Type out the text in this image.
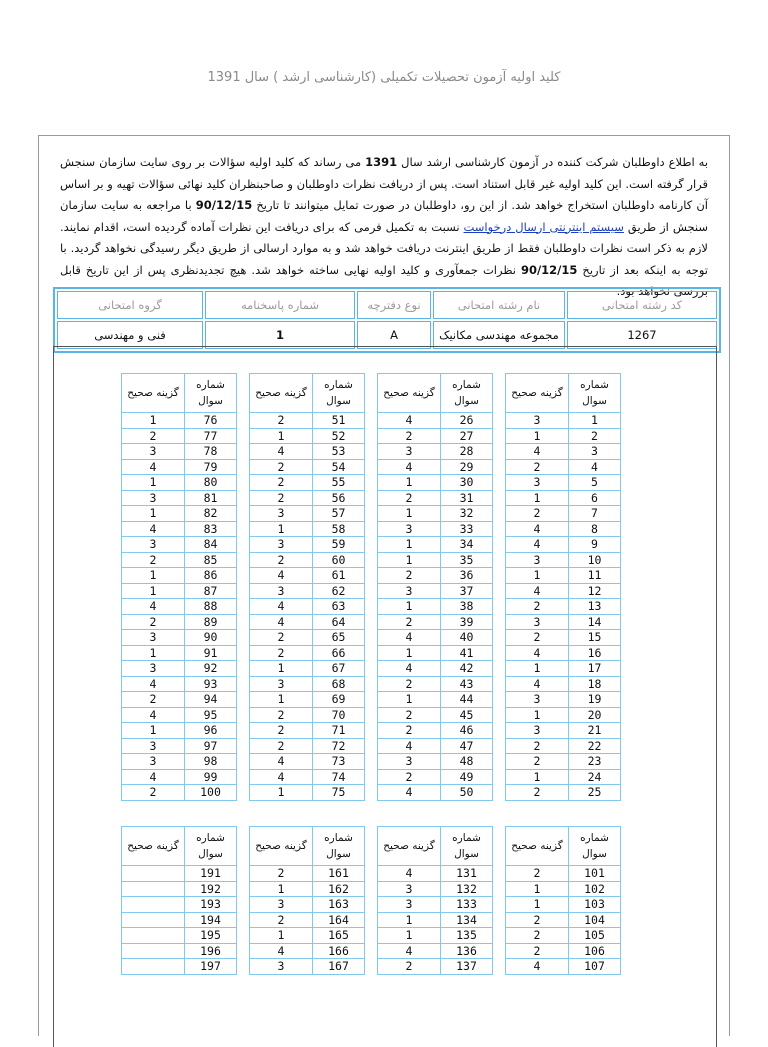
کلید اولیه آزمون تحصیلات تکمیلی (کارشناسی ارشد ) سال 1391
به اطلاع داوطلبان شرکت کننده در آزمون کارشناسی ارشد سال 1391 می رساند که کلید اولیه سؤالات بر روی سایت سازمان سنجش قرار گرفته است. این کلید اولیه غیر قابل استناد است. پس از دریافت نظرات داوطلبان و صاحبنظران کلید نهائی سؤالات تهیه و بر اساس آن کارنامه داوطلبان استخراج خواهد شد. از این رو، داوطلبان در صورت تمایل میتوانند تا تاریخ 90/12/15 با مراجعه به سایت سازمان سنجش از طریق سیستم اینترنتی ارسال درخواست نسبت به تکمیل فرمی که برای دریافت این نظرات آماده گردیده است، اقدام نمایند. لازم به ذکر است نظرات داوطلبان فقط از طریق اینترنت دریافت خواهد شد و به موارد ارسالی از طریق دیگر رسیدگی نخواهد گردید. با توجه به اینکه بعد از تاریخ 90/12/15 نظرات جمعآوری و کلید اولیه نهایی ساخته خواهد شد. هیچ تجدیدنظری پس از این تاریخ قابل بررسی نخواهد بود.
کد رشته امتحانی	نام رشته امتحانی	نوع دفترچه	شماره پاسخنامه	گروه امتحانی
1267	مجموعه مهندسی مکانیک	A	1	فنی و مهندسی
شماره سوال	گزینه صحیح
1	3
2	1
3	4
4	2
5	3
6	1
7	2
8	4
9	4
10	3
11	1
12	4
13	2
14	3
15	2
16	4
17	1
18	4
19	3
20	1
21	3
22	2
23	2
24	1
25	2
شماره سوال	گزینه صحیح
26	4
27	2
28	3
29	4
30	1
31	2
32	1
33	3
34	1
35	1
36	2
37	3
38	1
39	2
40	4
41	1
42	4
43	2
44	1
45	2
46	2
47	4
48	3
49	2
50	4
شماره سوال	گزینه صحیح
51	2
52	1
53	4
54	2
55	2
56	2
57	3
58	1
59	3
60	2
61	4
62	3
63	4
64	4
65	2
66	2
67	1
68	3
69	1
70	2
71	2
72	2
73	4
74	4
75	1
شماره سوال	گزینه صحیح
76	1
77	2
78	3
79	4
80	1
81	3
82	1
83	4
84	3
85	2
86	1
87	1
88	4
89	2
90	3
91	1
92	3
93	4
94	2
95	4
96	1
97	3
98	3
99	4
100	2
شماره سوال	گزینه صحیح
101	2
102	1
103	1
104	2
105	2
106	2
107	4
شماره سوال	گزینه صحیح
131	4
132	3
133	3
134	1
135	1
136	4
137	2
شماره سوال	گزینه صحیح
161	2
162	1
163	3
164	2
165	1
166	4
167	3
شماره سوال	گزینه صحیح
191	
192	
193	
194	
195	
196	
197	
